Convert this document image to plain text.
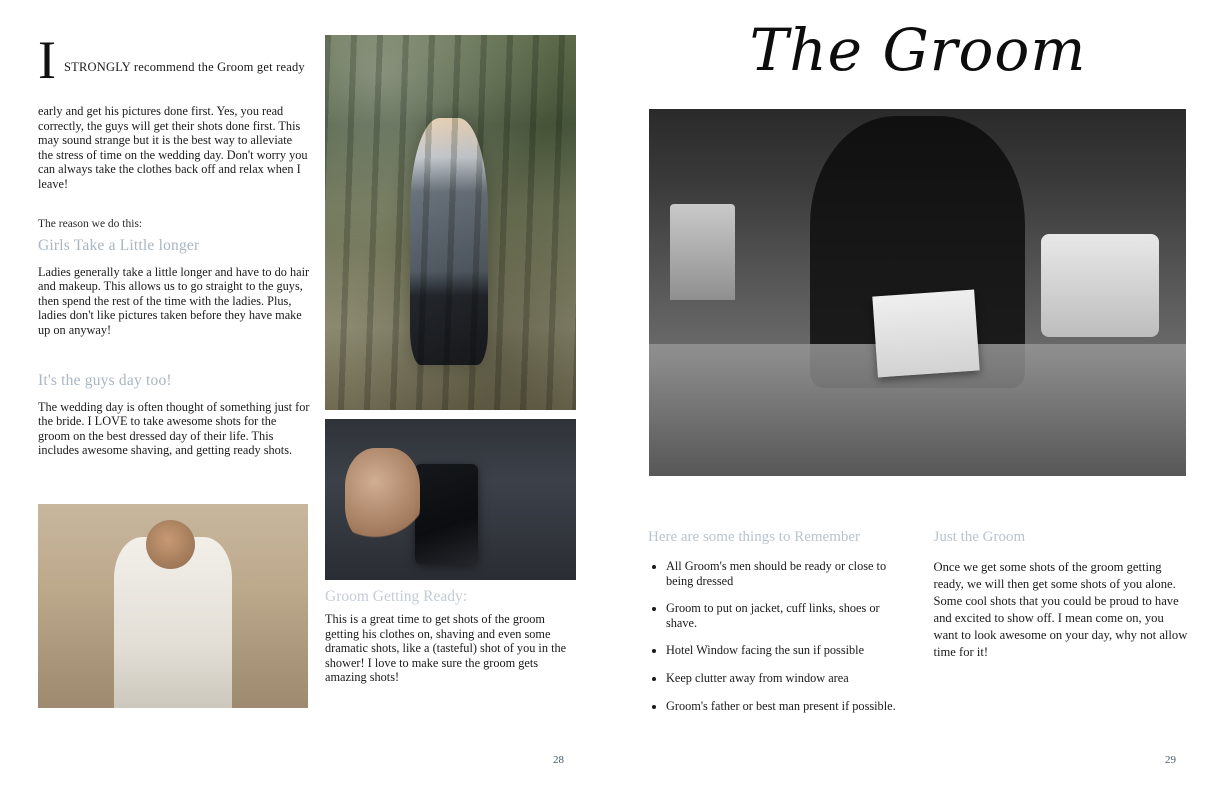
I STRONGLY recommend the Groom get ready
early and get his pictures done first. Yes, you read correctly, the guys will get their shots done first. This may sound strange but it is the best way to alleviate the stress of time on the wedding day. Don't worry you can always take the clothes back off and relax when I leave!
The reason we do this:
Girls Take a Little longer
Ladies generally take a little longer and have to do hair and makeup. This allows us to go straight to the guys, then spend the rest of the time with the ladies. Plus, ladies don't like pictures taken before they have make up on anyway!
It's the guys day too!
The wedding day is often thought of something just for the bride. I LOVE to take awesome shots for the groom on the best dressed day of their life. This includes awesome shaving, and getting ready shots.
Groom Getting Ready:
This is a great time to get shots of the groom getting his clothes on, shaving and even some dramatic shots, like a (tasteful) shot of you in the shower! I love to make sure the groom gets amazing shots!
28
The Groom
Here are some things to Remember
• All Groom's men should be ready or close to being dressed
• Groom to put on jacket, cuff links, shoes or shave.
• Hotel Window facing the sun if possible
• Keep clutter away from window area
• Groom's father or best man present if possible.
Just the Groom
Once we get some shots of the groom getting ready, we will then get some shots of you alone. Some cool shots that you could be proud to have and excited to show off. I mean come on, you want to look awesome on your day, why not allow time for it!
29
